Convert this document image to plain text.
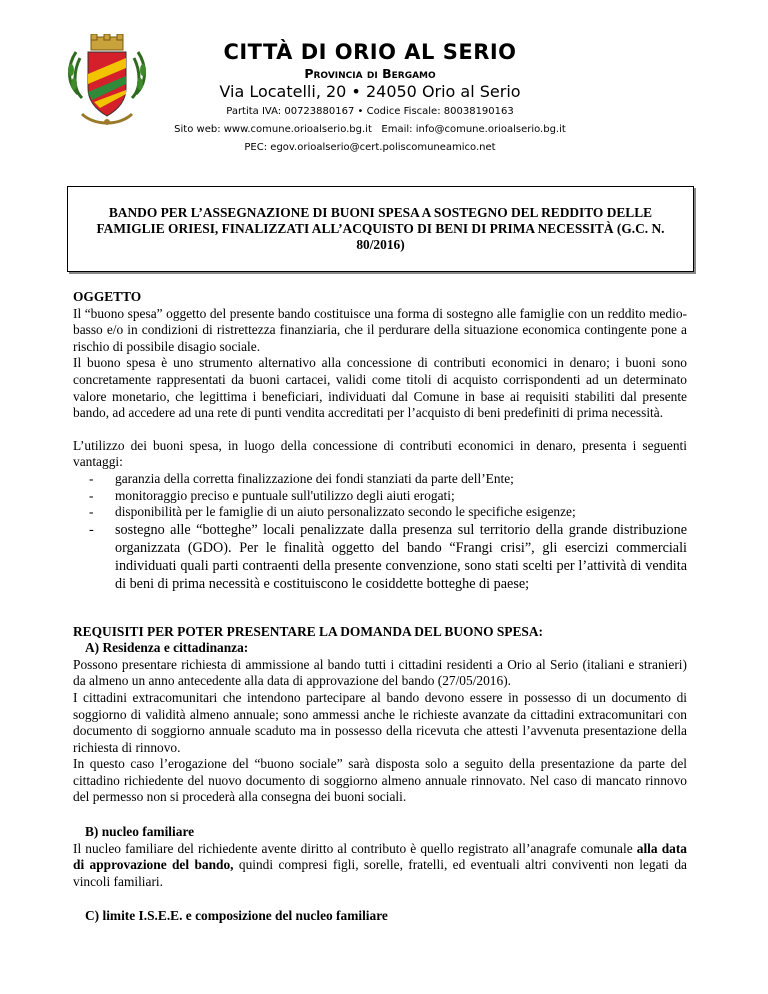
CITTÀ DI ORIO AL SERIO
Provincia di Bergamo
Via Locatelli, 20 • 24050 Orio al Serio
Partita IVA: 00723880167 • Codice Fiscale: 80038190163
Sito web: www.comune.orioalserio.bg.it   Email: info@comune.orioalserio.bg.it
PEC: egov.orioalserio@cert.poliscomuneamico.net
BANDO PER L’ASSEGNAZIONE DI BUONI SPESA A SOSTEGNO DEL REDDITO DELLE FAMIGLIE ORIESI, FINALIZZATI ALL’ACQUISTO DI BENI DI PRIMA NECESSITÀ (G.C. N. 80/2016)

OGGETTO

Il “buono spesa” oggetto del presente bando costituisce una forma di sostegno alle famiglie con un reddito medio-basso e/o in condizioni di ristrettezza finanziaria, che il perdurare della situazione economica contingente pone a rischio di possibile disagio sociale.

Il buono spesa è uno strumento alternativo alla concessione di contributi economici in denaro; i buoni sono concretamente rappresentati da buoni cartacei, validi come titoli di acquisto corrispondenti ad un determinato valore monetario, che legittima i beneficiari, individuati dal Comune in base ai requisiti stabiliti dal presente bando, ad accedere ad una rete di punti vendita accreditati per l’acquisto di beni predefiniti di prima necessità.

L’utilizzo dei buoni spesa, in luogo della concessione di contributi economici in denaro, presenta i seguenti vantaggi:

- garanzia della corretta finalizzazione dei fondi stanziati da parte dell’Ente;
- monitoraggio preciso e puntuale sull'utilizzo degli aiuti erogati;
- disponibilità per le famiglie di un aiuto personalizzato secondo le specifiche esigenze;
- sostegno alle “botteghe” locali penalizzate dalla presenza sul territorio della grande distribuzione organizzata (GDO). Per le finalità oggetto del bando “Frangi crisi”, gli esercizi commerciali individuati quali parti contraenti della presente convenzione, sono stati scelti per l’attività di vendita di beni di prima necessità e costituiscono le cosiddette botteghe di paese;

REQUISITI PER POTER PRESENTARE LA DOMANDA DEL BUONO SPESA:

A) Residenza e cittadinanza:

Possono presentare richiesta di ammissione al bando tutti i cittadini residenti a Orio al Serio (italiani e stranieri) da almeno un anno antecedente alla data di approvazione del bando (27/05/2016).

I cittadini extracomunitari che intendono partecipare al bando devono essere in possesso di un documento di soggiorno di validità almeno annuale; sono ammessi anche le richieste avanzate da cittadini extracomunitari con documento di soggiorno annuale scaduto ma in possesso della ricevuta che attesti l’avvenuta presentazione della richiesta di rinnovo.

In questo caso l’erogazione del “buono sociale” sarà disposta solo a seguito della presentazione da parte del cittadino richiedente del nuovo documento di soggiorno almeno annuale rinnovato. Nel caso di mancato rinnovo del permesso non si procederà alla consegna dei buoni sociali.

B) nucleo familiare

Il nucleo familiare del richiedente avente diritto al contributo è quello registrato all’anagrafe comunale alla data di approvazione del bando, quindi compresi figli, sorelle, fratelli, ed eventuali altri conviventi non legati da vincoli familiari.

C) limite I.S.E.E. e composizione del nucleo familiare
